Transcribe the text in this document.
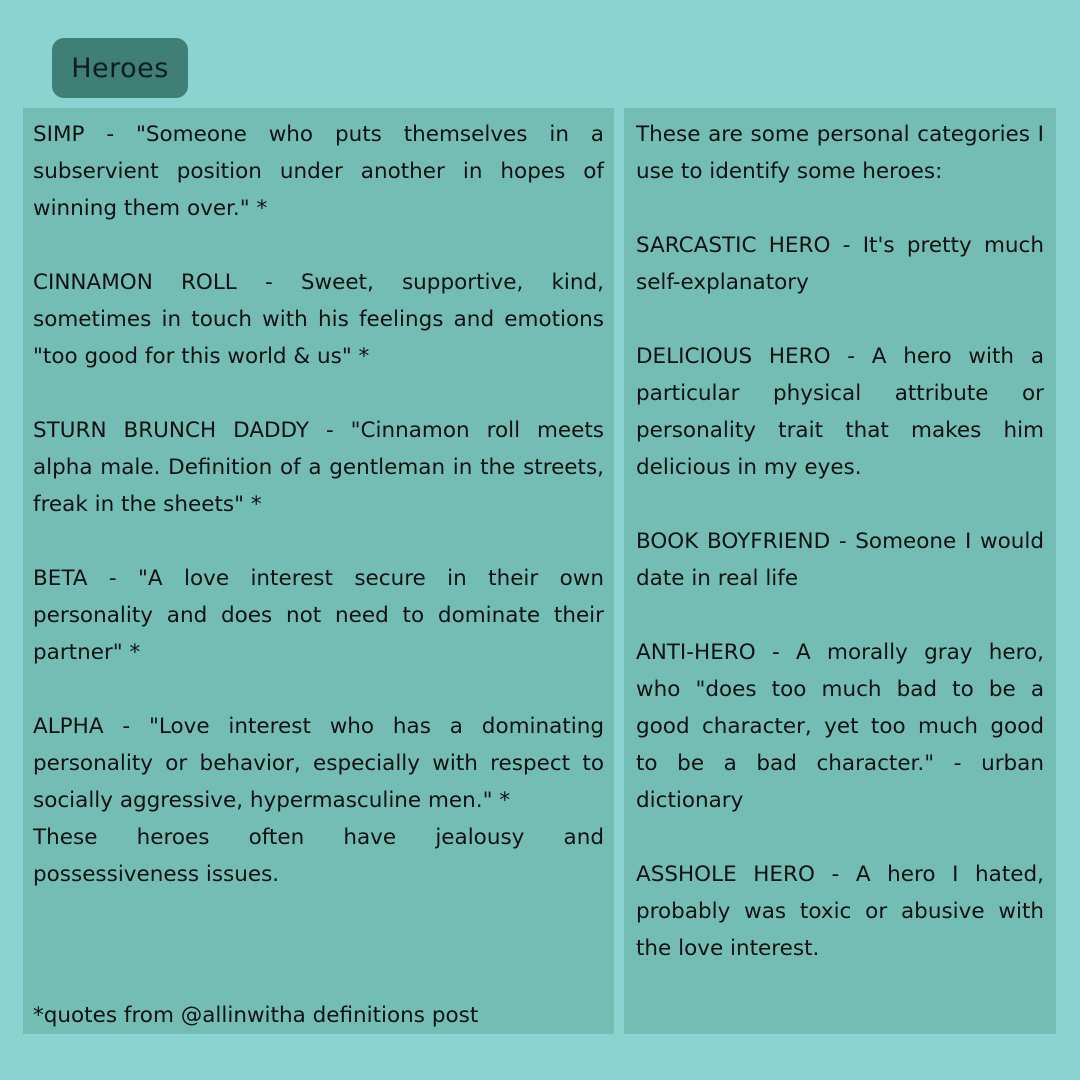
Heroes

SIMP - "Someone who puts themselves in a subservient position under another in hopes of winning them over." *

CINNAMON ROLL - Sweet, supportive, kind, sometimes in touch with his feelings and emotions "too good for this world & us" *

STURN BRUNCH DADDY - "Cinnamon roll meets alpha male. Definition of a gentleman in the streets, freak in the sheets" *

BETA - "A love interest secure in their own personality and does not need to dominate their partner" *

ALPHA - "Love interest who has a dominating personality or behavior, especially with respect to socially aggressive, hypermasculine men." *

These heroes often have jealousy and possessiveness issues.

*quotes from @allinwitha definitions post

These are some personal categories I use to identify some heroes:

SARCASTIC HERO - It's pretty much self-explanatory

DELICIOUS HERO - A hero with a particular physical attribute or personality trait that makes him delicious in my eyes.

BOOK BOYFRIEND - Someone I would date in real life

ANTI-HERO - A morally gray hero, who "does too much bad to be a good character, yet too much good to be a bad character." - urban dictionary

ASSHOLE HERO - A hero I hated, probably was toxic or abusive with the love interest.
